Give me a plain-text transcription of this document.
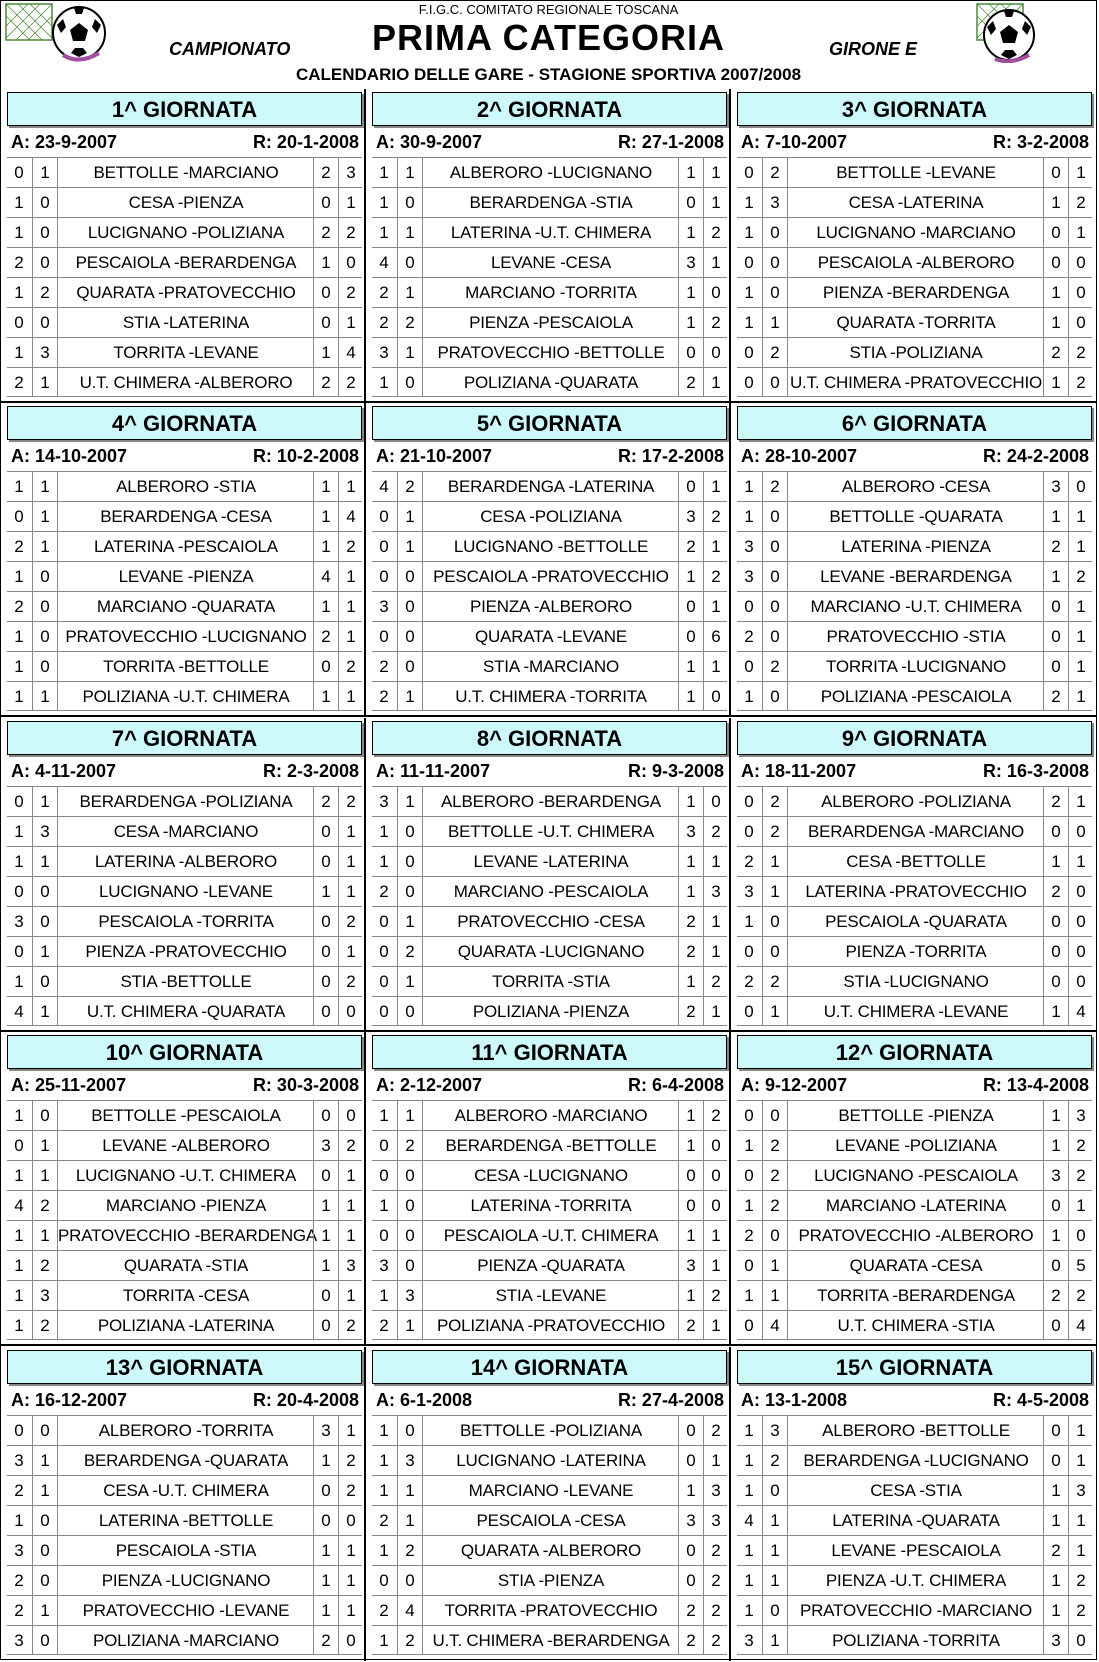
F.I.G.C. COMITATO REGIONALE TOSCANA
CAMPIONATO	PRIMA CATEGORIA	GIRONE E
CALENDARIO DELLE GARE - STAGIONE SPORTIVA 2007/2008
1^ GIORNATA
A: 23-9-2007	R: 20-1-2008
0 1	BETTOLLE -MARCIANO	2 3
1 0	CESA -PIENZA	0 1
1 0	LUCIGNANO -POLIZIANA	2 2
2 0	PESCAIOLA -BERARDENGA	1 0
1 2	QUARATA -PRATOVECCHIO	0 2
0 0	STIA -LATERINA	0 1
1 3	TORRITA -LEVANE	1 4
2 1	U.T. CHIMERA -ALBERORO	2 2
2^ GIORNATA
A: 30-9-2007	R: 27-1-2008
1 1	ALBERORO -LUCIGNANO	1 1
1 0	BERARDENGA -STIA	0 1
1 1	LATERINA -U.T. CHIMERA	1 2
4 0	LEVANE -CESA	3 1
2 1	MARCIANO -TORRITA	1 0
2 2	PIENZA -PESCAIOLA	1 2
3 1	PRATOVECCHIO -BETTOLLE	0 0
1 0	POLIZIANA -QUARATA	2 1
3^ GIORNATA
A: 7-10-2007	R: 3-2-2008
0 2	BETTOLLE -LEVANE	0 1
1 3	CESA -LATERINA	1 2
1 0	LUCIGNANO -MARCIANO	0 1
0 0	PESCAIOLA -ALBERORO	0 0
1 0	PIENZA -BERARDENGA	1 0
1 1	QUARATA -TORRITA	1 0
0 2	STIA -POLIZIANA	2 2
0 0 U.T. CHIMERA -PRATOVECCHIO 1 2
4^ GIORNATA
A: 14-10-2007	R: 10-2-2008
1 1	ALBERORO -STIA	1 1
0 1	BERARDENGA -CESA	1 4
2 1	LATERINA -PESCAIOLA	1 2
1 0	LEVANE -PIENZA	4 1
2 0	MARCIANO -QUARATA	1 1
1 0 PRATOVECCHIO -LUCIGNANO 2 1
1 0	TORRITA -BETTOLLE	0 2
1 1	POLIZIANA -U.T. CHIMERA	1 1
5^ GIORNATA
A: 21-10-2007	R: 17-2-2008
4 2	BERARDENGA -LATERINA	0 1
0 1	CESA -POLIZIANA	3 2
0 1	LUCIGNANO -BETTOLLE	2 1
0 0	PESCAIOLA -PRATOVECCHIO	1 2
3 0	PIENZA -ALBERORO	0 1
0 0	QUARATA -LEVANE	0 6
2 0	STIA -MARCIANO	1 1
2 1	U.T. CHIMERA -TORRITA	1 0
6^ GIORNATA
A: 28-10-2007	R: 24-2-2008
1 2	ALBERORO -CESA	3 0
1 0	BETTOLLE -QUARATA	1 1
3 0	LATERINA -PIENZA	2 1
3 0	LEVANE -BERARDENGA	1 2
0 0	MARCIANO -U.T. CHIMERA	0 1
2 0	PRATOVECCHIO -STIA	0 1
0 2	TORRITA -LUCIGNANO	0 1
1 0	POLIZIANA -PESCAIOLA	2 1
7^ GIORNATA
A: 4-11-2007	R: 2-3-2008
0 1	BERARDENGA -POLIZIANA	2 2
1 3	CESA -MARCIANO	0 1
1 1	LATERINA -ALBERORO	0 1
0 0	LUCIGNANO -LEVANE	1 1
3 0	PESCAIOLA -TORRITA	0 2
0 1	PIENZA -PRATOVECCHIO	0 1
1 0	STIA -BETTOLLE	0 2
4 1	U.T. CHIMERA -QUARATA	0 0
8^ GIORNATA
A: 11-11-2007	R: 9-3-2008
3 1	ALBERORO -BERARDENGA	1 0
1 0	BETTOLLE -U.T. CHIMERA	3 2
1 0	LEVANE -LATERINA	1 1
2 0	MARCIANO -PESCAIOLA	1 3
0 1	PRATOVECCHIO -CESA	2 1
0 2	QUARATA -LUCIGNANO	2 1
0 1	TORRITA -STIA	1 2
0 0	POLIZIANA -PIENZA	2 1
9^ GIORNATA
A: 18-11-2007	R: 16-3-2008
0 2	ALBERORO -POLIZIANA	2 1
0 2	BERARDENGA -MARCIANO	0 0
2 1	CESA -BETTOLLE	1 1
3 1	LATERINA -PRATOVECCHIO	2 0
1 0	PESCAIOLA -QUARATA	0 0
0 0	PIENZA -TORRITA	0 0
2 2	STIA -LUCIGNANO	0 0
0 1	U.T. CHIMERA -LEVANE	1 4
10^ GIORNATA
A: 25-11-2007	R: 30-3-2008
1 0	BETTOLLE -PESCAIOLA	0 0
0 1	LEVANE -ALBERORO	3 2
1 1	LUCIGNANO -U.T. CHIMERA	0 1
4 2	MARCIANO -PIENZA	1 1
1 1 PRATOVECCHIO -BERARDENGA 1 1
1 2	QUARATA -STIA	1 3
1 3	TORRITA -CESA	0 1
1 2	POLIZIANA -LATERINA	0 2
11^ GIORNATA
A: 2-12-2007	R: 6-4-2008
1 1	ALBERORO -MARCIANO	1 2
0 2	BERARDENGA -BETTOLLE	1 0
0 0	CESA -LUCIGNANO	0 0
1 0	LATERINA -TORRITA	0 0
0 0	PESCAIOLA -U.T. CHIMERA	1 1
3 0	PIENZA -QUARATA	3 1
1 3	STIA -LEVANE	1 2
2 1	POLIZIANA -PRATOVECCHIO	2 1
12^ GIORNATA
A: 9-12-2007	R: 13-4-2008
0 0	BETTOLLE -PIENZA	1 3
1 2	LEVANE -POLIZIANA	1 2
0 2	LUCIGNANO -PESCAIOLA	3 2
1 2	MARCIANO -LATERINA	0 1
2 0	PRATOVECCHIO -ALBERORO	1 0
0 1	QUARATA -CESA	0 5
1 1	TORRITA -BERARDENGA	2 2
0 4	U.T. CHIMERA -STIA	0 4
13^ GIORNATA
A: 16-12-2007	R: 20-4-2008
0 0	ALBERORO -TORRITA	3 1
3 1	BERARDENGA -QUARATA	1 2
2 1	CESA -U.T. CHIMERA	0 2
1 0	LATERINA -BETTOLLE	0 0
3 0	PESCAIOLA -STIA	1 1
2 0	PIENZA -LUCIGNANO	1 1
2 1	PRATOVECCHIO -LEVANE	1 1
3 0	POLIZIANA -MARCIANO	2 0
14^ GIORNATA
A: 6-1-2008	R: 27-4-2008
1 0	BETTOLLE -POLIZIANA	0 2
1 3	LUCIGNANO -LATERINA	0 1
1 1	MARCIANO -LEVANE	1 3
2 1	PESCAIOLA -CESA	3 3
1 2	QUARATA -ALBERORO	0 2
0 0	STIA -PIENZA	0 2
2 4	TORRITA -PRATOVECCHIO	2 2
1 2	U.T. CHIMERA -BERARDENGA 2 2
15^ GIORNATA
A: 13-1-2008	R: 4-5-2008
1 3	ALBERORO -BETTOLLE	0 1
1 2	BERARDENGA -LUCIGNANO	0 1
1 0	CESA -STIA	1 3
4 1	LATERINA -QUARATA	1 1
1 1	LEVANE -PESCAIOLA	2 1
1 1	PIENZA -U.T. CHIMERA	1 2
1 0	PRATOVECCHIO -MARCIANO	1 2
3 1	POLIZIANA -TORRITA	3 0
